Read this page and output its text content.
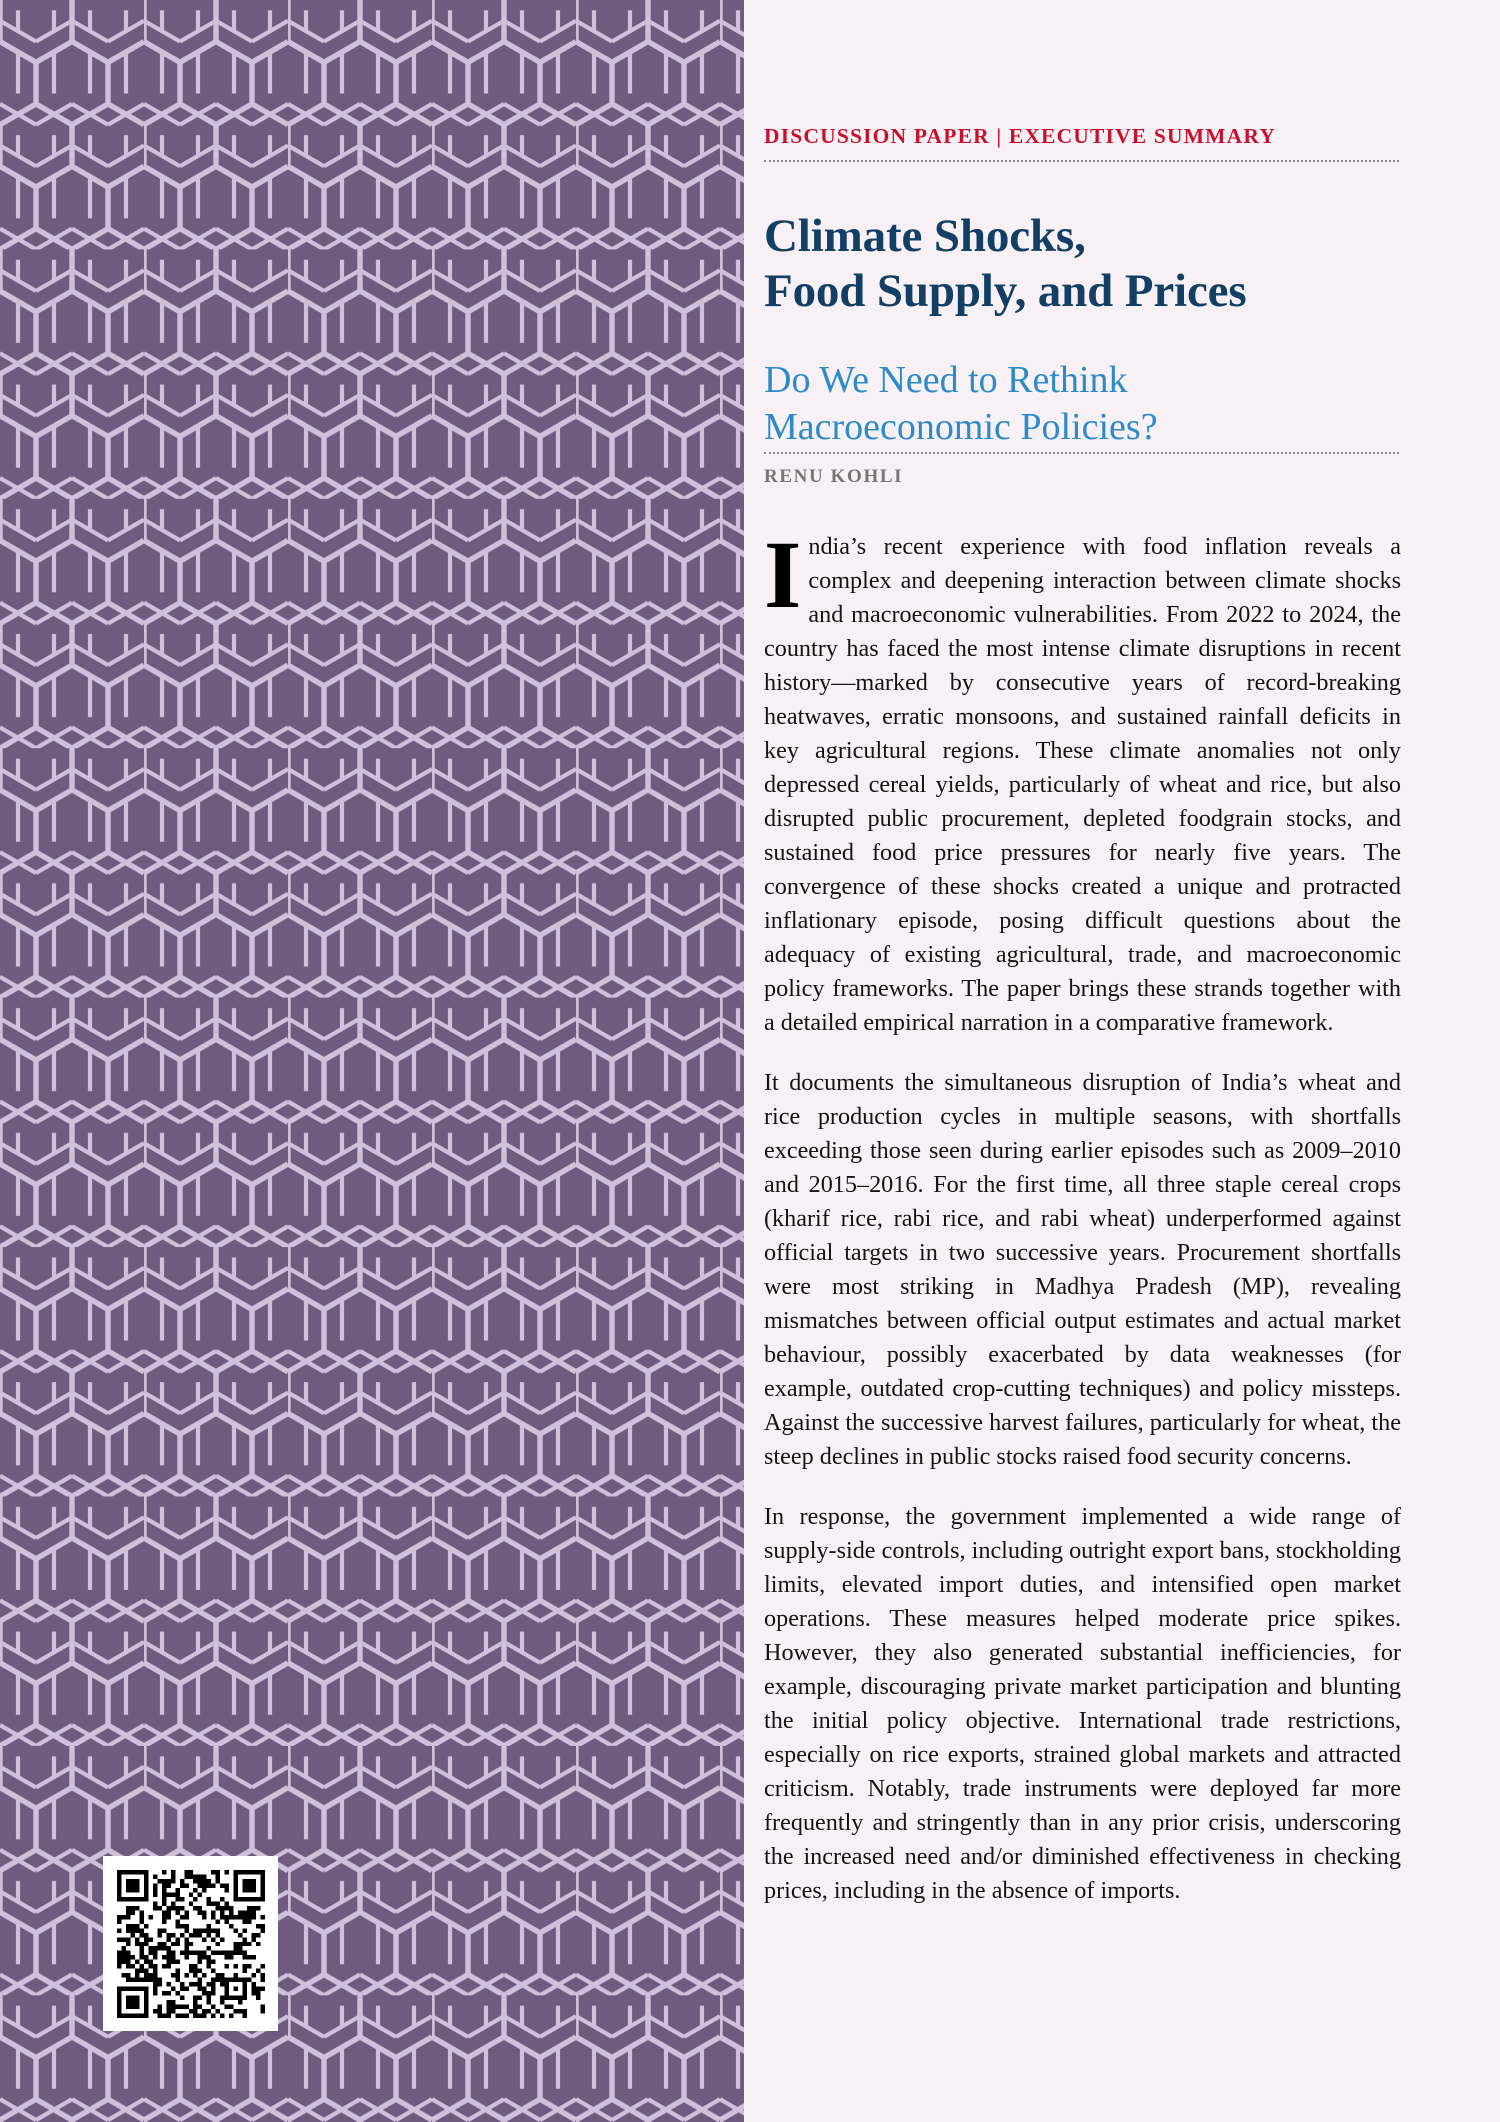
DISCUSSION PAPER | EXECUTIVE SUMMARY
Climate Shocks,
Food Supply, and Prices
Do We Need to Rethink
Macroeconomic Policies?
RENU KOHLI

India’s recent experience with food inflation reveals a complex and deepening interaction between climate shocks and macroeconomic vulnerabilities. From 2022 to 2024, the country has faced the most intense climate disruptions in recent history—marked by consecutive years of record-breaking heatwaves, erratic monsoons, and sustained rainfall deficits in key agricultural regions. These climate anomalies not only depressed cereal yields, particularly of wheat and rice, but also disrupted public procurement, depleted foodgrain stocks, and sustained food price pressures for nearly five years. The convergence of these shocks created a unique and protracted inflationary episode, posing difficult questions about the adequacy of existing agricultural, trade, and macroeconomic policy frameworks. The paper brings these strands together with a detailed empirical narration in a comparative framework.

It documents the simultaneous disruption of India’s wheat and rice production cycles in multiple seasons, with shortfalls exceeding those seen during earlier episodes such as 2009–2010 and 2015–2016. For the first time, all three staple cereal crops (kharif rice, rabi rice, and rabi wheat) underperformed against official targets in two successive years. Procurement shortfalls were most striking in Madhya Pradesh (MP), revealing mismatches between official output estimates and actual market behaviour, possibly exacerbated by data weaknesses (for example, outdated crop-cutting techniques) and policy missteps. Against the successive harvest failures, particularly for wheat, the steep declines in public stocks raised food security concerns.

In response, the government implemented a wide range of supply-side controls, including outright export bans, stockholding limits, elevated import duties, and intensified open market operations. These measures helped moderate price spikes. However, they also generated substantial inefficiencies, for example, discouraging private market participation and blunting the initial policy objective. International trade restrictions, especially on rice exports, strained global markets and attracted criticism. Notably, trade instruments were deployed far more frequently and stringently than in any prior crisis, underscoring the increased need and/or diminished effectiveness in checking prices, including in the absence of imports.
